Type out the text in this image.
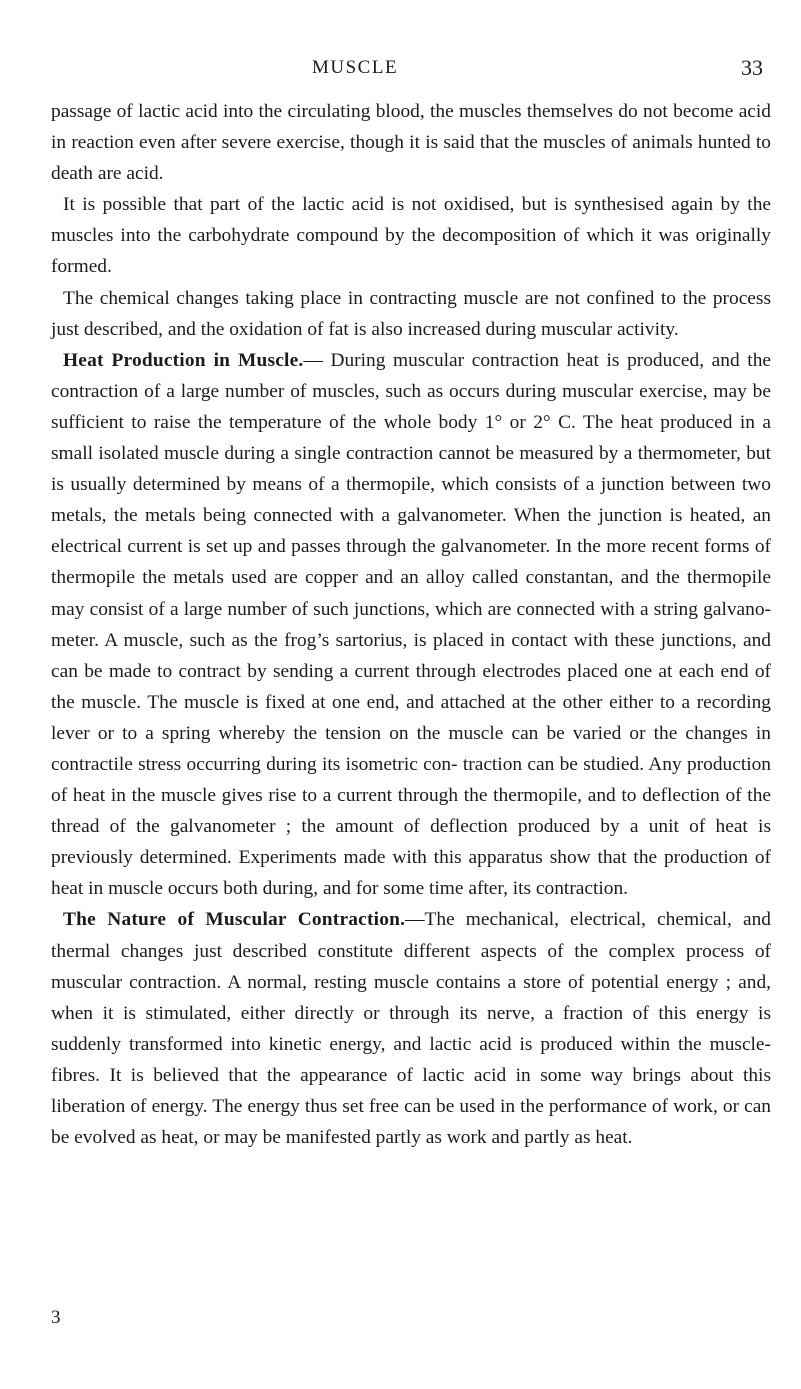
MUSCLE	33

passage of lactic acid into the circulating blood, the muscles themselves do not become acid in reaction even after severe exercise, though it is said that the muscles of animals hunted to death are acid.

It is possible that part of the lactic acid is not oxidised, but is synthesised again by the muscles into the carbohydrate compound by the decomposition of which it was originally formed.

The chemical changes taking place in contracting muscle are not confined to the process just described, and the oxidation of fat is also increased during muscular activity.

Heat Production in Muscle.— During muscular contraction heat is produced, and the contraction of a large number of muscles, such as occurs during muscular exercise, may be sufficient to raise the temperature of the whole body 1° or 2° C. The heat produced in a small isolated muscle during a single contraction cannot be measured by a thermometer, but is usually determined by means of a thermopile, which consists of a junction between two metals, the metals being connected with a galvanometer. When the junction is heated, an electrical current is set up and passes through the galvanometer. In the more recent forms of thermopile the metals used are copper and an alloy called constantan, and the thermopile may consist of a large number of such junctions, which are connected with a string galvano- meter. A muscle, such as the frog’s sartorius, is placed in contact with these junctions, and can be made to contract by sending a current through electrodes placed one at each end of the muscle. The muscle is fixed at one end, and attached at the other either to a recording lever or to a spring whereby the tension on the muscle can be varied or the changes in contractile stress occurring during its isometric con- traction can be studied. Any production of heat in the muscle gives rise to a current through the thermopile, and to deflection of the thread of the galvanometer ; the amount of deflection produced by a unit of heat is previously determined. Experiments made with this apparatus show that the production of heat in muscle occurs both during, and for some time after, its contraction.

The Nature of Muscular Contraction.—The mechanical, electrical, chemical, and thermal changes just described constitute different aspects of the complex process of muscular contraction. A normal, resting muscle contains a store of potential energy ; and, when it is stimulated, either directly or through its nerve, a fraction of this energy is suddenly transformed into kinetic energy, and lactic acid is produced within the muscle-fibres. It is believed that the appearance of lactic acid in some way brings about this liberation of energy. The energy thus set free can be used in the performance of work, or can be evolved as heat, or may be manifested partly as work and partly as heat.

3
